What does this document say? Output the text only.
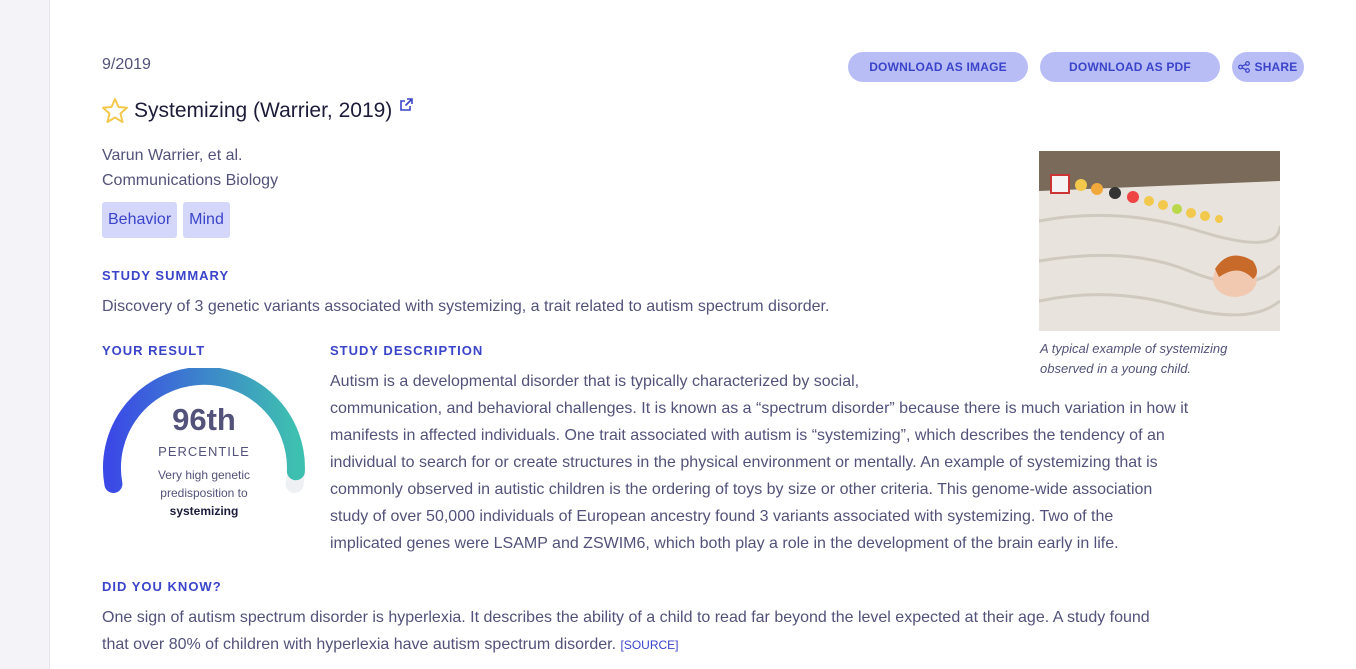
9/2019	DOWNLOAD AS IMAGE	DOWNLOAD AS PDF	SHARE
Systemizing (Warrier, 2019)
Varun Warrier, et al.
Communications Biology
Behavior	Mind
STUDY SUMMARY
Discovery of 3 genetic variants associated with systemizing, a trait related to autism spectrum disorder.
A typical example of systemizing
observed in a young child.
YOUR RESULT
96th
PERCENTILE
Very high genetic
predisposition to
systemizing
STUDY DESCRIPTION
Autism is a developmental disorder that is typically characterized by social,
communication, and behavioral challenges. It is known as a “spectrum disorder” because there is much variation in how it
manifests in affected individuals. One trait associated with autism is “systemizing”, which describes the tendency of an
individual to search for or create structures in the physical environment or mentally. An example of systemizing that is
commonly observed in autistic children is the ordering of toys by size or other criteria. This genome-wide association
study of over 50,000 individuals of European ancestry found 3 variants associated with systemizing. Two of the
implicated genes were LSAMP and ZSWIM6, which both play a role in the development of the brain early in life.
DID YOU KNOW?
One sign of autism spectrum disorder is hyperlexia. It describes the ability of a child to read far beyond the level expected at their age. A study found
that over 80% of children with hyperlexia have autism spectrum disorder. [SOURCE]
